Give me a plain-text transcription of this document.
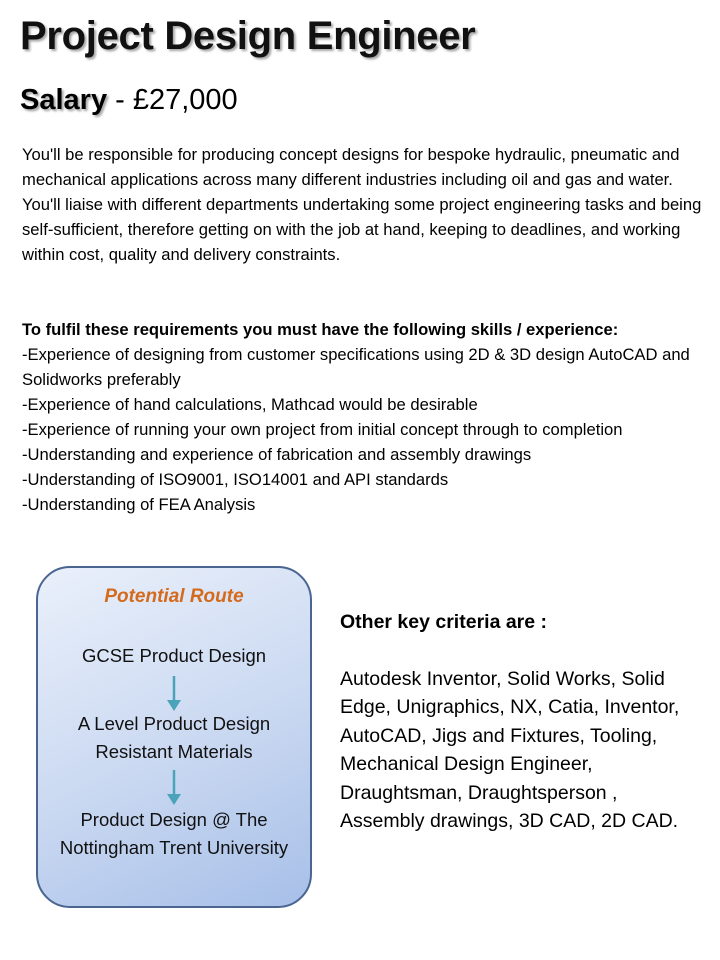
Project Design Engineer
Salary - £27,000

You'll be responsible for producing concept designs for bespoke hydraulic, pneumatic and mechanical applications across many different industries including oil and gas and water. You'll liaise with different departments undertaking some project engineering tasks and being self-sufficient, therefore getting on with the job at hand, keeping to deadlines, and working within cost, quality and delivery constraints.

To fulfil these requirements you must have the following skills / experience:

-Experience of designing from customer specifications using 2D & 3D design AutoCAD and Solidworks preferably
-Experience of hand calculations, Mathcad would be desirable
-Experience of running your own project from initial concept through to completion
-Understanding and experience of fabrication and assembly drawings
-Understanding of ISO9001, ISO14001 and API standards
-Understanding of FEA Analysis
Potential Route
GCSE Product Design
A Level Product Design Resistant Materials
Product Design @ The Nottingham Trent University

Other key criteria are :

Autodesk Inventor, Solid Works, Solid Edge, Unigraphics, NX, Catia, Inventor, AutoCAD, Jigs and Fixtures, Tooling, Mechanical Design Engineer, Draughtsman, Draughtsperson , Assembly drawings, 3D CAD, 2D CAD.
